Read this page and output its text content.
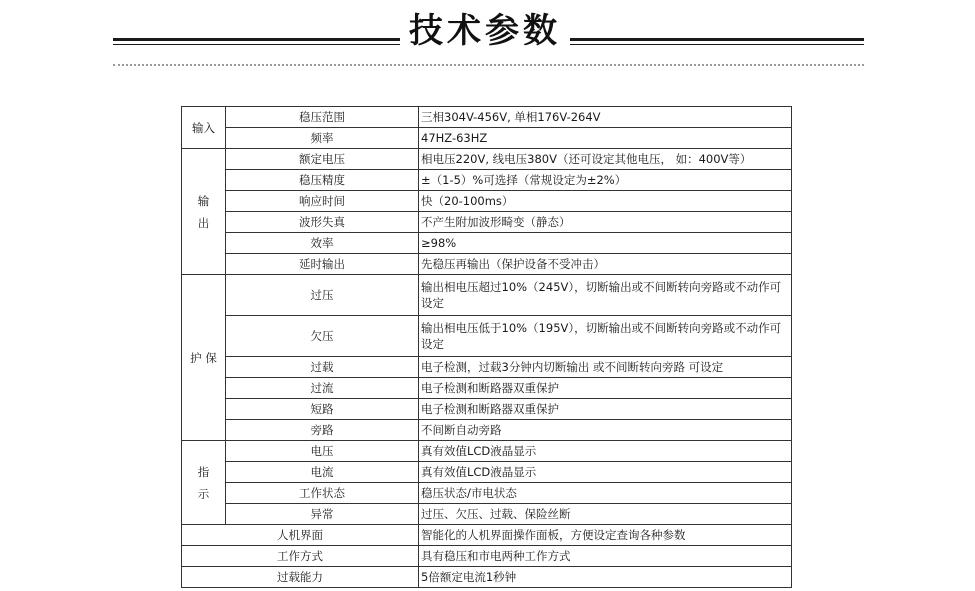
技术参数
输入	稳压范围	三相304V-456V, 单相176V-264V
	频率	47HZ-63HZ
输出	额定电压	相电压220V, 线电压380V（还可设定其他电压， 如：400V等）
	稳压精度	±（1-5）%可选择（常规设定为±2%）
	响应时间	快（20-100ms）
	波形失真	不产生附加波形畸变（静态）
	效率	≥98%
	延时输出	先稳压再输出（保护设备不受冲击）
护 保	过压	输出相电压超过10%（245V），切断输出或不间断转向旁路或不动作可设定
	欠压	输出相电压低于10%（195V），切断输出或不间断转向旁路或不动作可设定
	过载	电子检测，过载3分钟内切断输出 或不间断转向旁路 可设定
	过流	电子检测和断路器双重保护
	短路	电子检测和断路器双重保护
	旁路	不间断自动旁路
指示	电压	真有效值LCD液晶显示
	电流	真有效值LCD液晶显示
	工作状态	稳压状态/市电状态
	异常	过压、欠压、过载、保险丝断
人机界面		智能化的人机界面操作面板，方便设定查询各种参数
工作方式		具有稳压和市电两种工作方式
过载能力		5倍额定电流1秒钟
